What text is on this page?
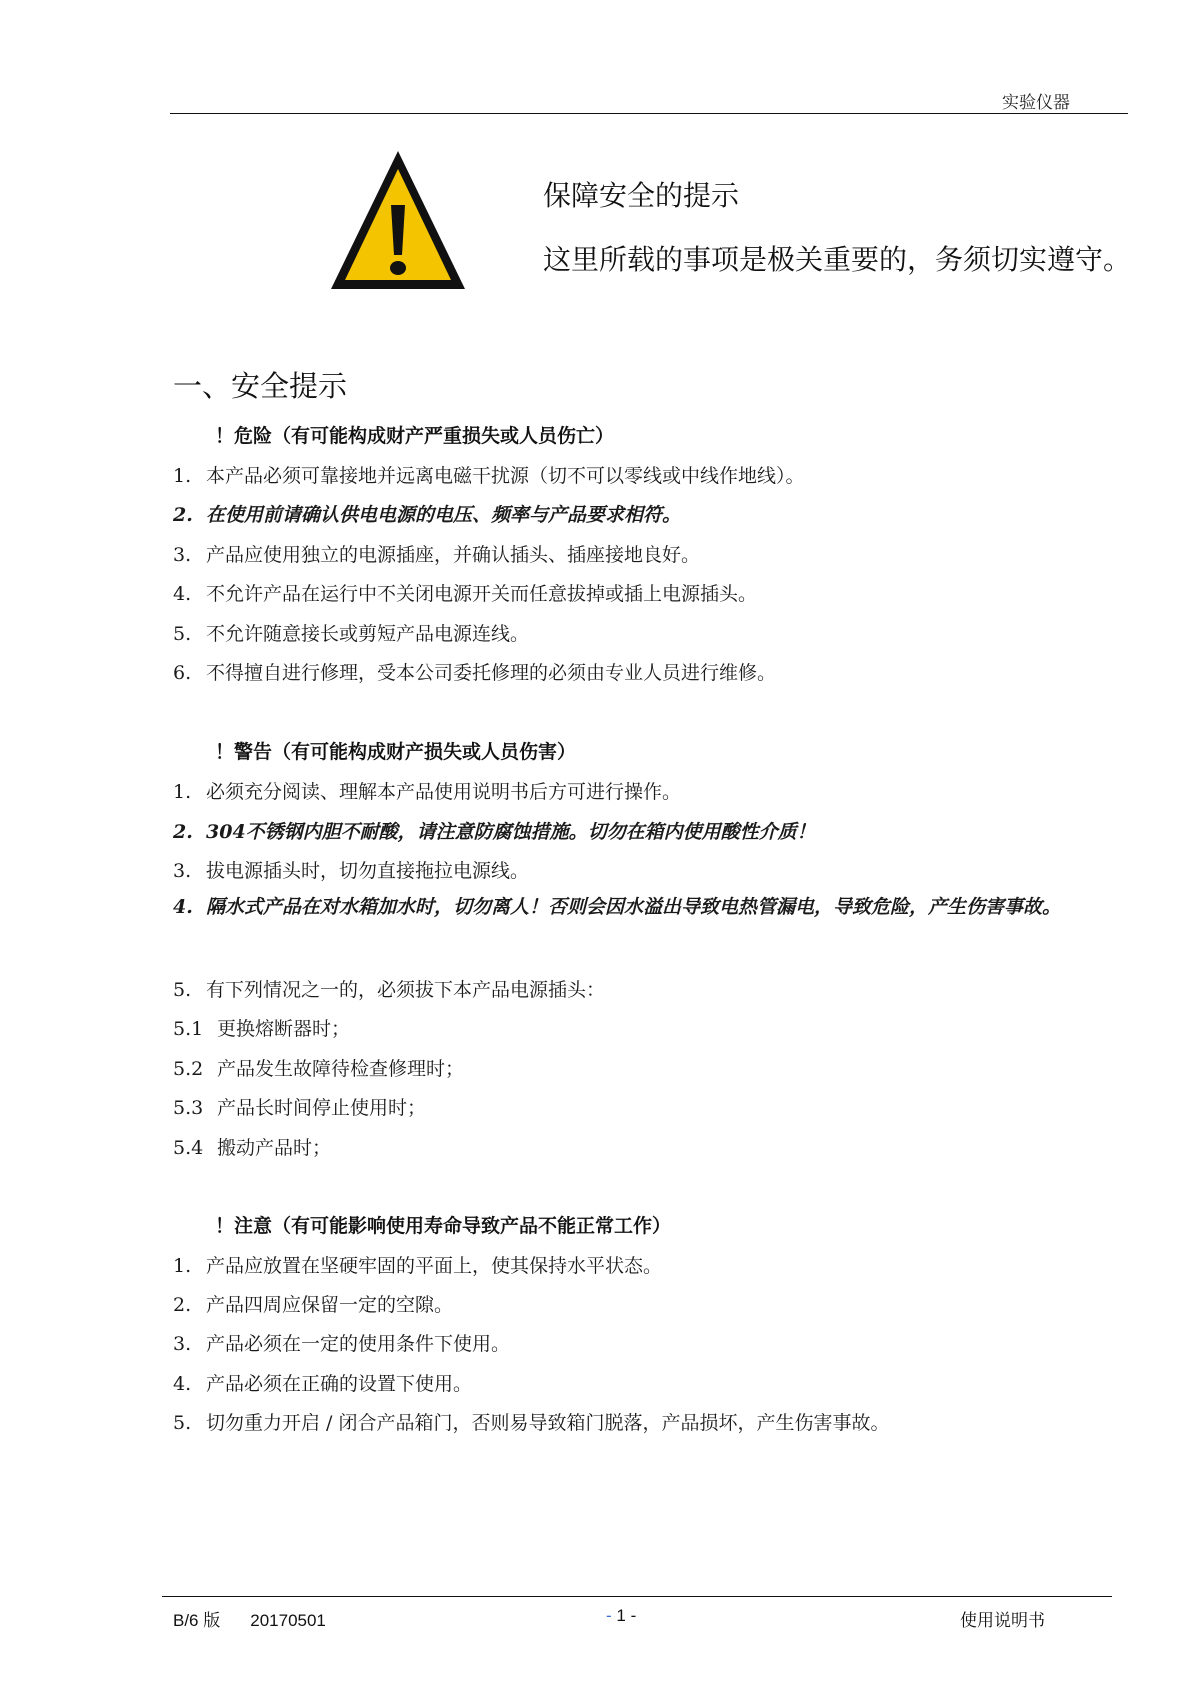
实验仪器
保障安全的提示
这里所载的事项是极关重要的，务须切实遵守。
一、安全提示
！危险（有可能构成财产严重损失或人员伤亡）
1. 本产品必须可靠接地并远离电磁干扰源（切不可以零线或中线作地线）。
2. 在使用前请确认供电电源的电压、频率与产品要求相符。
3. 产品应使用独立的电源插座，并确认插头、插座接地良好。
4. 不允许产品在运行中不关闭电源开关而任意拔掉或插上电源插头。
5. 不允许随意接长或剪短产品电源连线。
6. 不得擅自进行修理，受本公司委托修理的必须由专业人员进行维修。
！警告（有可能构成财产损失或人员伤害）
1. 必须充分阅读、理解本产品使用说明书后方可进行操作。
2. 304不锈钢内胆不耐酸，请注意防腐蚀措施。切勿在箱内使用酸性介质！
3. 拔电源插头时，切勿直接拖拉电源线。
4. 隔水式产品在对水箱加水时，切勿离人！否则会因水溢出导致电热管漏电，导致危险，产生伤害事故。
5. 有下列情况之一的，必须拔下本产品电源插头：
5.1 更换熔断器时；
5.2 产品发生故障待检查修理时；
5.3 产品长时间停止使用时；
5.4 搬动产品时；
！注意（有可能影响使用寿命导致产品不能正常工作）
1. 产品应放置在坚硬牢固的平面上，使其保持水平状态。
2. 产品四周应保留一定的空隙。
3. 产品必须在一定的使用条件下使用。
4. 产品必须在正确的设置下使用。
5. 切勿重力开启 / 闭合产品箱门，否则易导致箱门脱落，产品损坏，产生伤害事故。
B/6 版 20170501	- 1 -	使用说明书
